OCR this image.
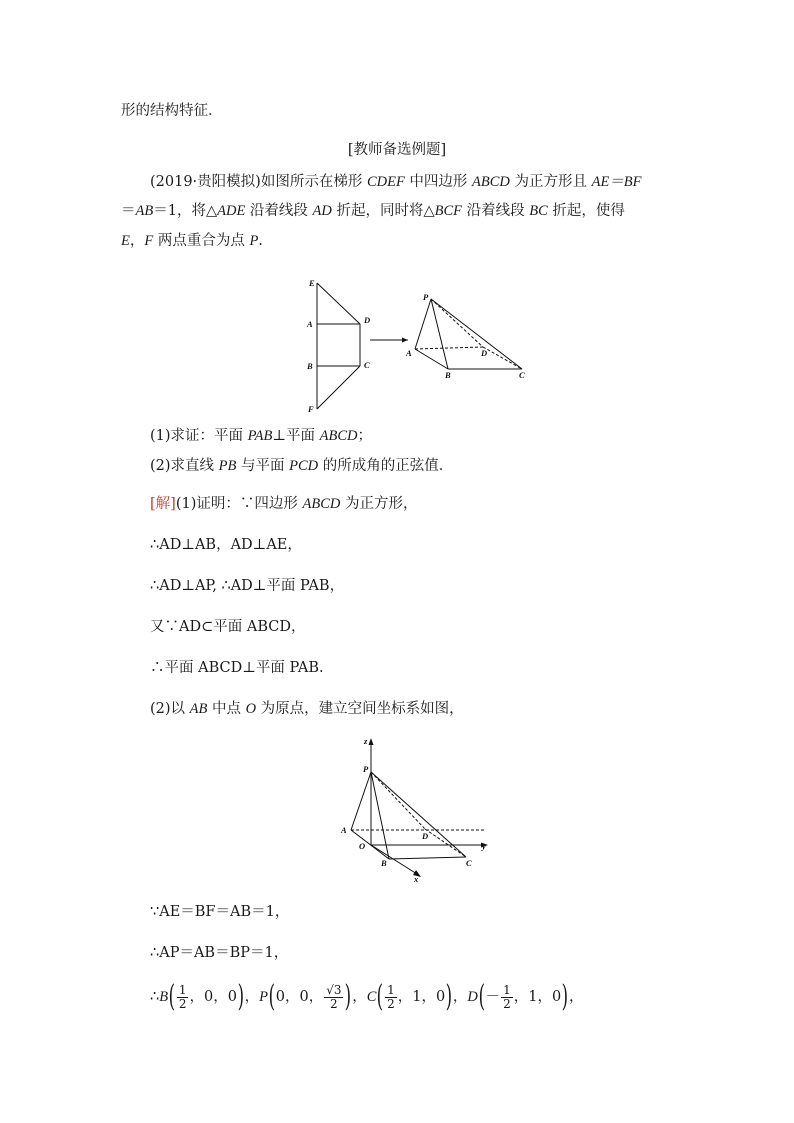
形的结构特征．
[教师备选例题]
(2019·贵阳模拟)如图所示在梯形 CDEF 中四边形 ABCD 为正方形且 AE＝BF
＝AB＝1，将△ADE 沿着线段 AD 折起，同时将△BCF 沿着线段 BC 折起，使得
E，F 两点重合为点 P.
E
A
B
F
D
C
P
A
B	C
D
(1)求证：平面 PAB⊥平面 ABCD；
(2)求直线 PB 与平面 PCD 的所成角的正弦值．
[解](1)证明：∵四边形 ABCD 为正方形，
∴AD⊥AB，AD⊥AE，
∴AD⊥AP, ∴AD⊥平面 PAB，
又∵AD⊂平面 ABCD，
∴平面 ABCD⊥平面 PAB.
(2)以 AB 中点 O 为原点，建立空间坐标系如图，
z
P
A
D
O
B	C
y
x
∵AE＝BF＝AB＝1，
∴AP＝AB＝BP＝1，
∴B( $\frac{1}{2}$ ，0，0)，P(0，0， $\frac{√3}{2}$ )，$C( \frac{1}{2}$ ，1，0)，$D(- \frac{1}{2}$ ，1，0)，
